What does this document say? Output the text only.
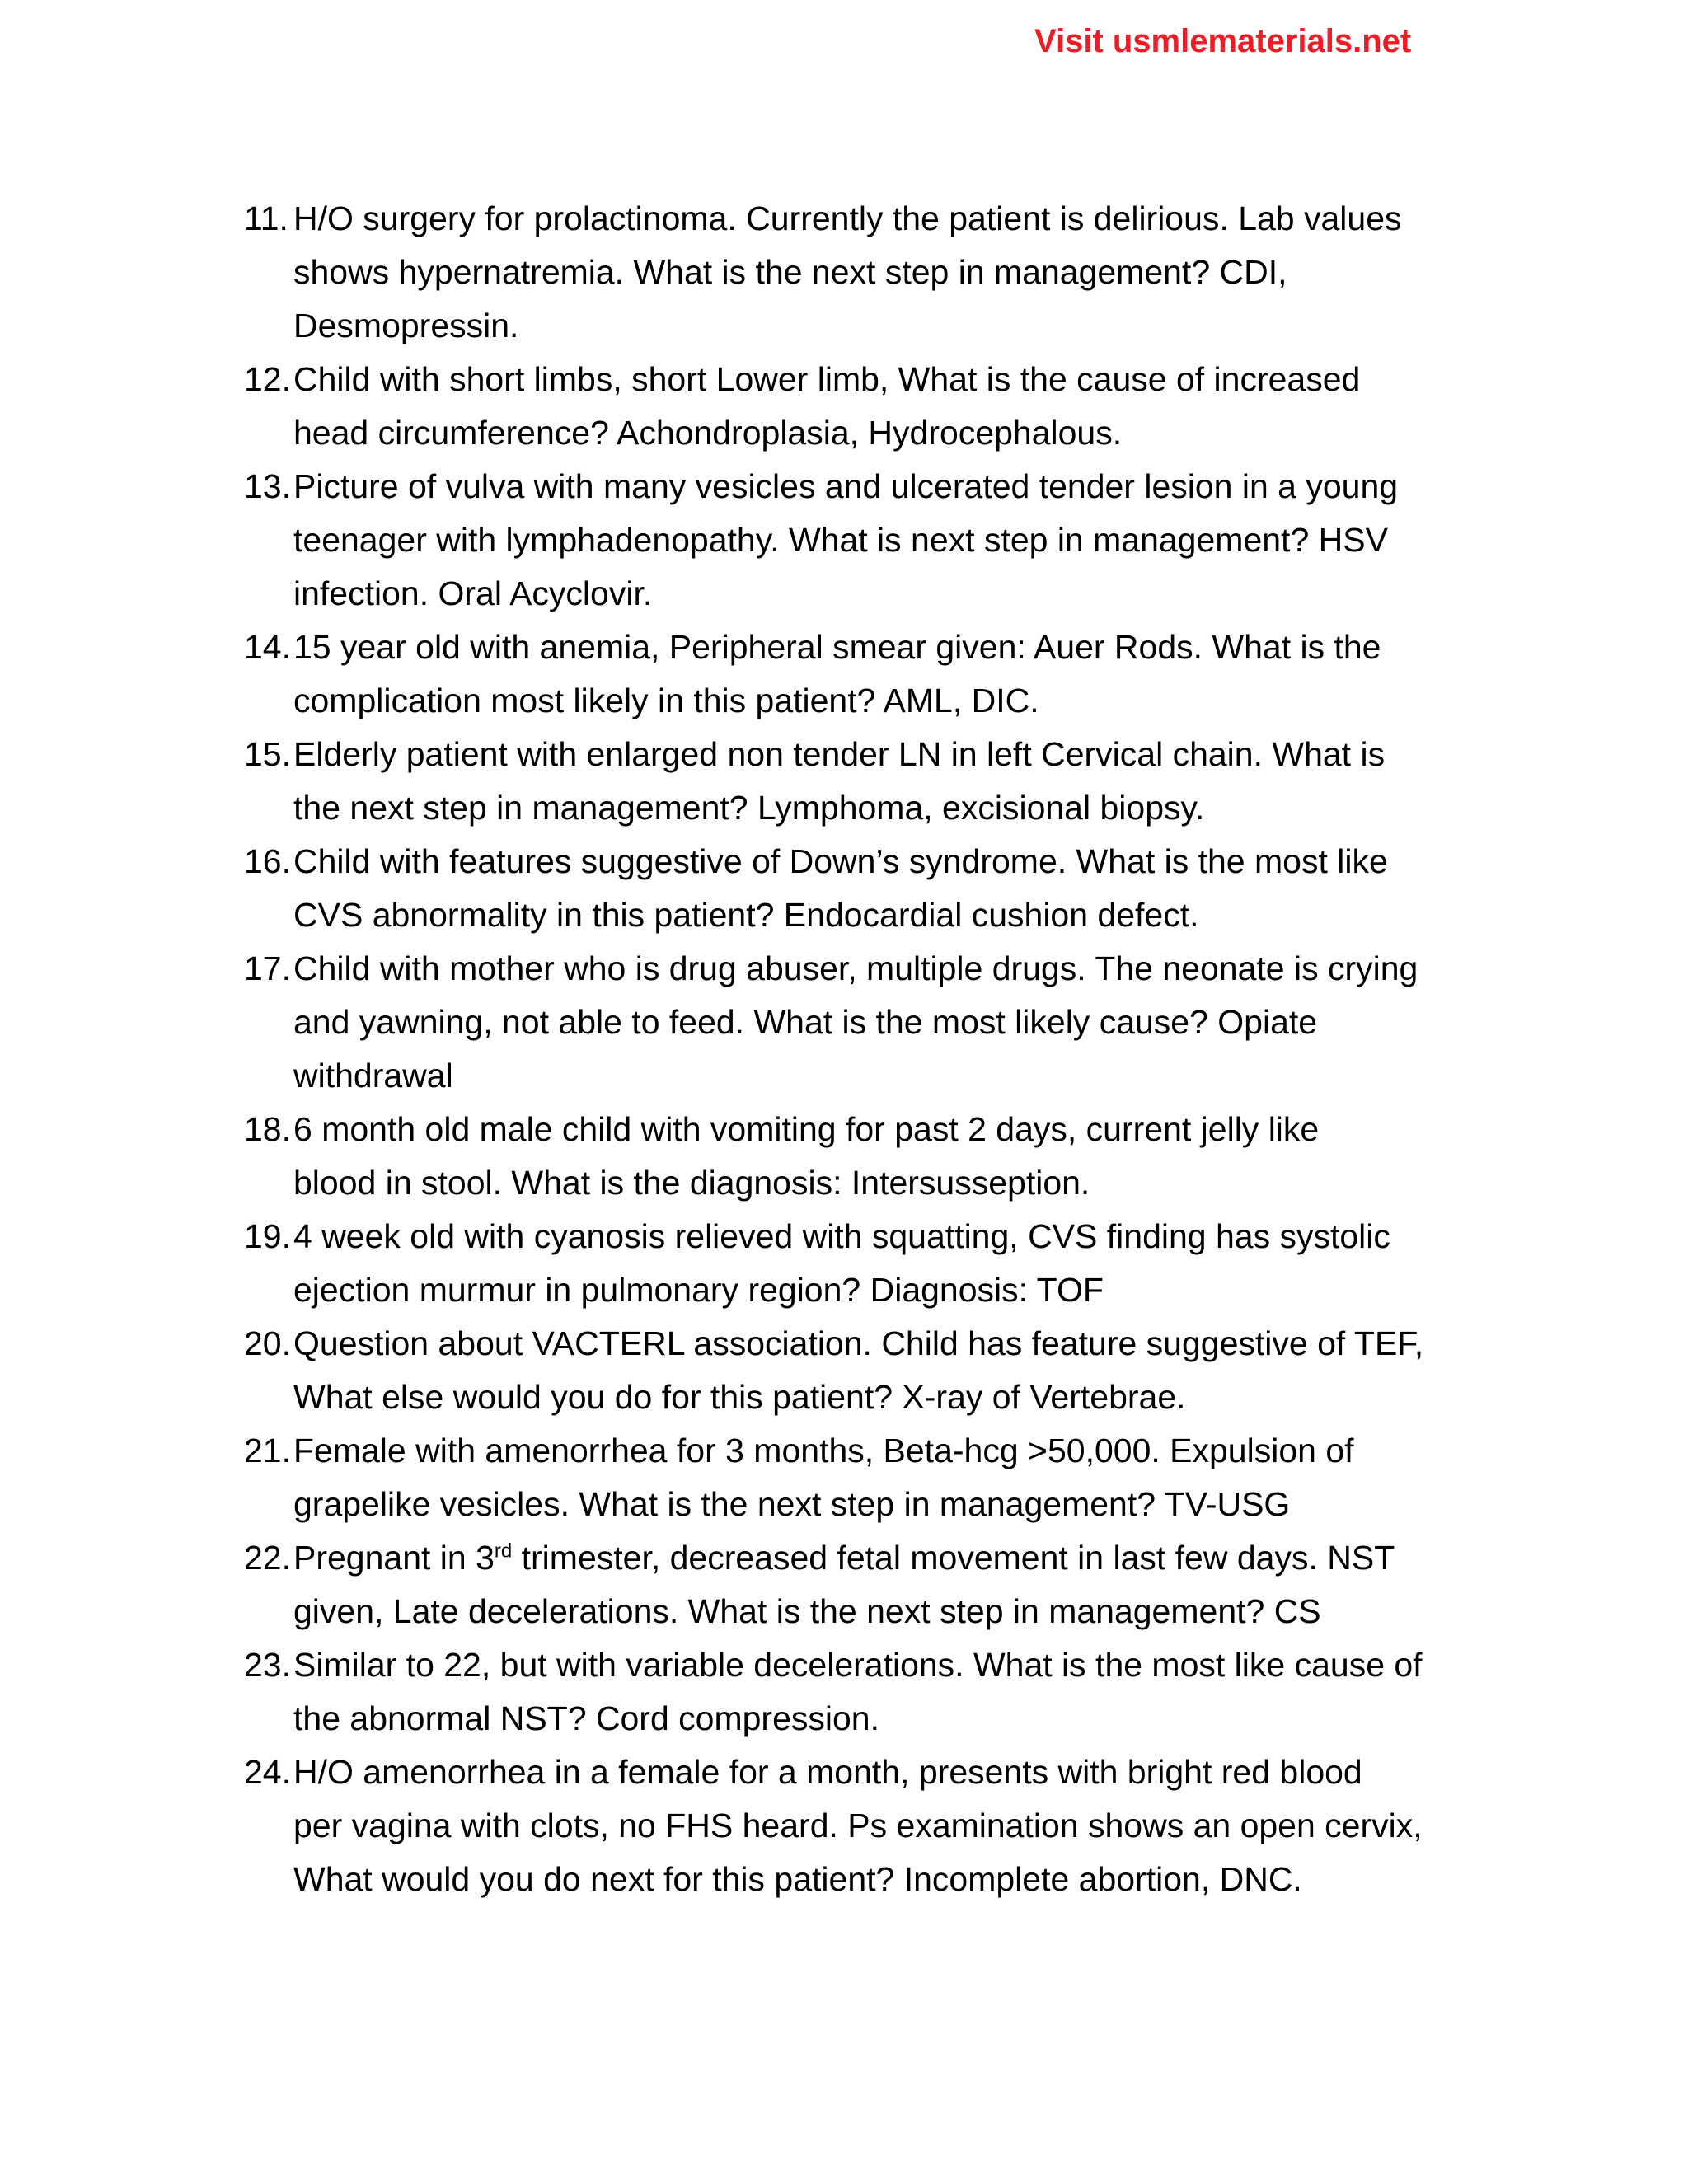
Visit usmlematerials.net
11. H/O surgery for prolactinoma. Currently the patient is delirious. Lab values
shows hypernatremia. What is the next step in management? CDI,
Desmopressin.
12. Child with short limbs, short Lower limb, What is the cause of increased
head circumference? Achondroplasia, Hydrocephalous.
13. Picture of vulva with many vesicles and ulcerated tender lesion in a young
teenager with lymphadenopathy. What is next step in management? HSV
infection. Oral Acyclovir.
14. 15 year old with anemia, Peripheral smear given: Auer Rods. What is the
complication most likely in this patient? AML, DIC.
15. Elderly patient with enlarged non tender LN in left Cervical chain. What is
the next step in management? Lymphoma, excisional biopsy.
16. Child with features suggestive of Down’s syndrome. What is the most like
CVS abnormality in this patient? Endocardial cushion defect.
17. Child with mother who is drug abuser, multiple drugs. The neonate is crying
and yawning, not able to feed. What is the most likely cause? Opiate
withdrawal
18. 6 month old male child with vomiting for past 2 days, current jelly like
blood in stool. What is the diagnosis: Intersusseption.
19. 4 week old with cyanosis relieved with squatting, CVS finding has systolic
ejection murmur in pulmonary region? Diagnosis: TOF
20. Question about VACTERL association. Child has feature suggestive of TEF,
What else would you do for this patient? X-ray of Vertebrae.
21. Female with amenorrhea for 3 months, Beta-hcg >50,000. Expulsion of
grapelike vesicles. What is the next step in management? TV-USG
22. Pregnant in 3rd trimester, decreased fetal movement in last few days. NST
given, Late decelerations. What is the next step in management? CS
23. Similar to 22, but with variable decelerations. What is the most like cause of
the abnormal NST? Cord compression.
24. H/O amenorrhea in a female for a month, presents with bright red blood
per vagina with clots, no FHS heard. Ps examination shows an open cervix,
What would you do next for this patient? Incomplete abortion, DNC.
